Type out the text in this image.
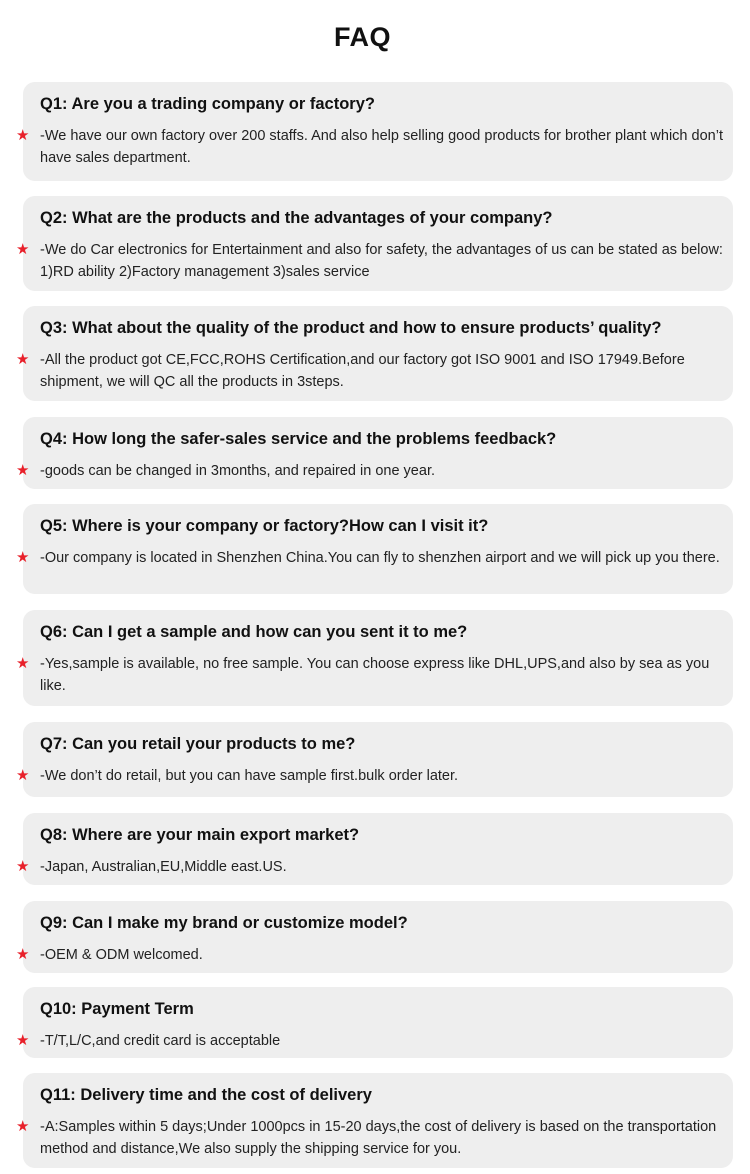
FAQ
Q1: Are you a trading company or factory?
★ -We have our own factory over 200 staffs. And also help selling good products for brother plant which don’t have sales department.
Q2: What are the products and the advantages of your company?
★ -We do Car electronics for Entertainment and also for safety, the advantages of us can be stated as below: 1)RD ability 2)Factory management 3)sales service
Q3: What about the quality of the product and how to ensure products’ quality?
★ -All the product got CE,FCC,ROHS Certification,and our factory got ISO 9001 and ISO 17949.Before shipment, we will QC all the products in 3steps.
Q4: How long the safer-sales service and the problems feedback?
★ -goods can be changed in 3months, and repaired in one year.
Q5: Where is your company or factory?How can I visit it?
★ -Our company is located in Shenzhen China.You can fly to shenzhen airport and we will pick up you there.
Q6: Can I get a sample and how can you sent it to me?
★ -Yes,sample is available, no free sample. You can choose express like DHL,UPS,and also by sea as you like.
Q7: Can you retail your products to me?
★ -We don’t do retail, but you can have sample first.bulk order later.
Q8: Where are your main export market?
★ -Japan, Australian,EU,Middle east.US.
Q9: Can I make my brand or customize model?
★ -OEM & ODM welcomed.
Q10: Payment Term
★ -T/T,L/C,and credit card is acceptable
Q11: Delivery time and the cost of delivery
★ -A:Samples within 5 days;Under 1000pcs in 15-20 days,the cost of delivery is based on the transportation method and distance,We also supply the shipping service for you.
